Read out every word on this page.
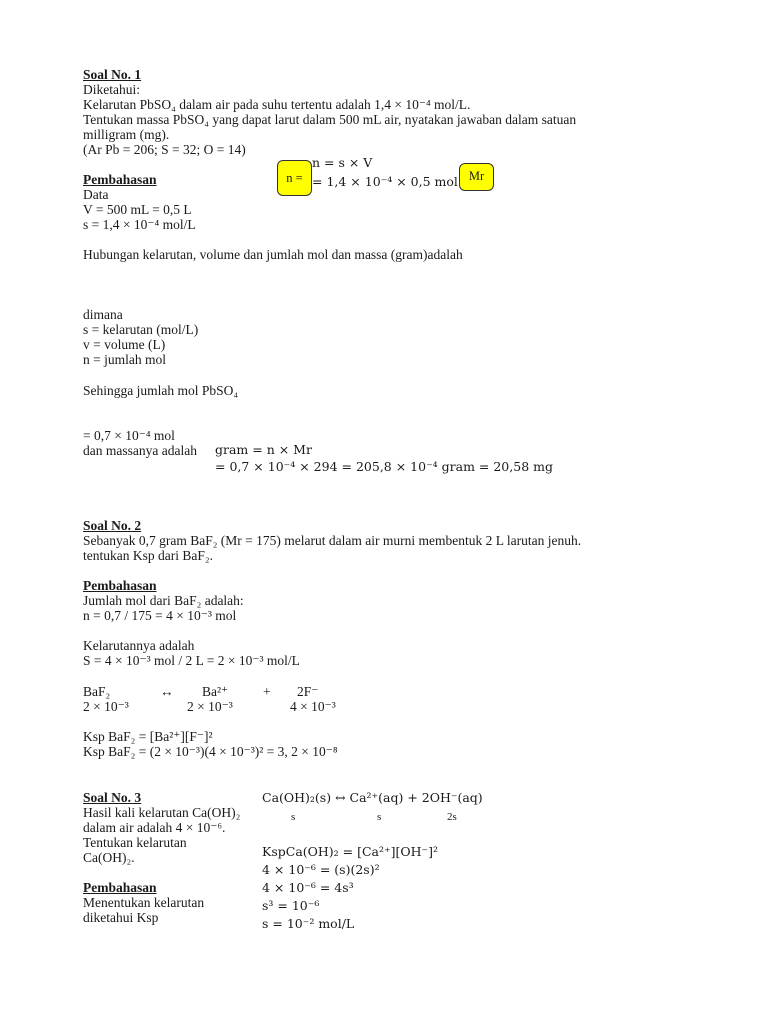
Soal No. 1
Diketahui:
Kelarutan PbSO₄ dalam air pada suhu tertentu adalah 1,4 × 10⁻⁴ mol/L.
Tentukan massa PbSO₄ yang dapat larut dalam 500 mL air, nyatakan jawaban dalam satuan
milligram (mg).
(Ar Pb = 206; S = 32; O = 14)
Pembahasan
Data
V = 500 mL = 0,5 L
s = 1,4 × 10⁻⁴ mol/L
n =	Mr
n = s × V
= 1,4 × 10⁻⁴ × 0,5 mol
Hubungan kelarutan, volume dan jumlah mol dan massa (gram)adalah
dimana
s = kelarutan (mol/L)
v = volume (L)
n = jumlah mol
Sehingga jumlah mol PbSO₄
= 0,7 × 10⁻⁴ mol
dan massanya adalah gram = n × Mr
= 0,7 × 10⁻⁴ × 294 = 205,8 × 10⁻⁴ gram = 20,58 mg
Soal No. 2
Sebanyak 0,7 gram BaF₂ (Mr = 175) melarut dalam air murni membentuk 2 L larutan jenuh.
tentukan Ksp dari BaF₂.
Pembahasan
Jumlah mol dari BaF₂ adalah:
n = 0,7 / 175 = 4 × 10⁻³ mol
Kelarutannya adalah
S = 4 × 10⁻³ mol / 2 L = 2 × 10⁻³ mol/L
BaF₂	↔ Ba²⁺	+ 2F⁻
2 × 10⁻³	2 × 10⁻³	4 × 10⁻³
Ksp BaF₂ = [Ba²⁺][F⁻]²
Ksp BaF₂ = (2 × 10⁻³)(4 × 10⁻³)² = 3, 2 × 10⁻⁸
Soal No. 3
Hasil kali kelarutan Ca(OH)₂
dalam air adalah 4 × 10⁻⁶.
Tentukan kelarutan
Ca(OH)₂.
Pembahasan
Menentukan kelarutan
diketahui Ksp
Ca(OH)₂(s) ↔ Ca²⁺(aq) + 2OH⁻(aq)
s	s	2s
KspCa(OH)₂ = [Ca²⁺][OH⁻]²
4 × 10⁻⁶ = (s)(2s)²
4 × 10⁻⁶ = 4s³
s³ = 10⁻⁶
s = 10⁻² mol/L
